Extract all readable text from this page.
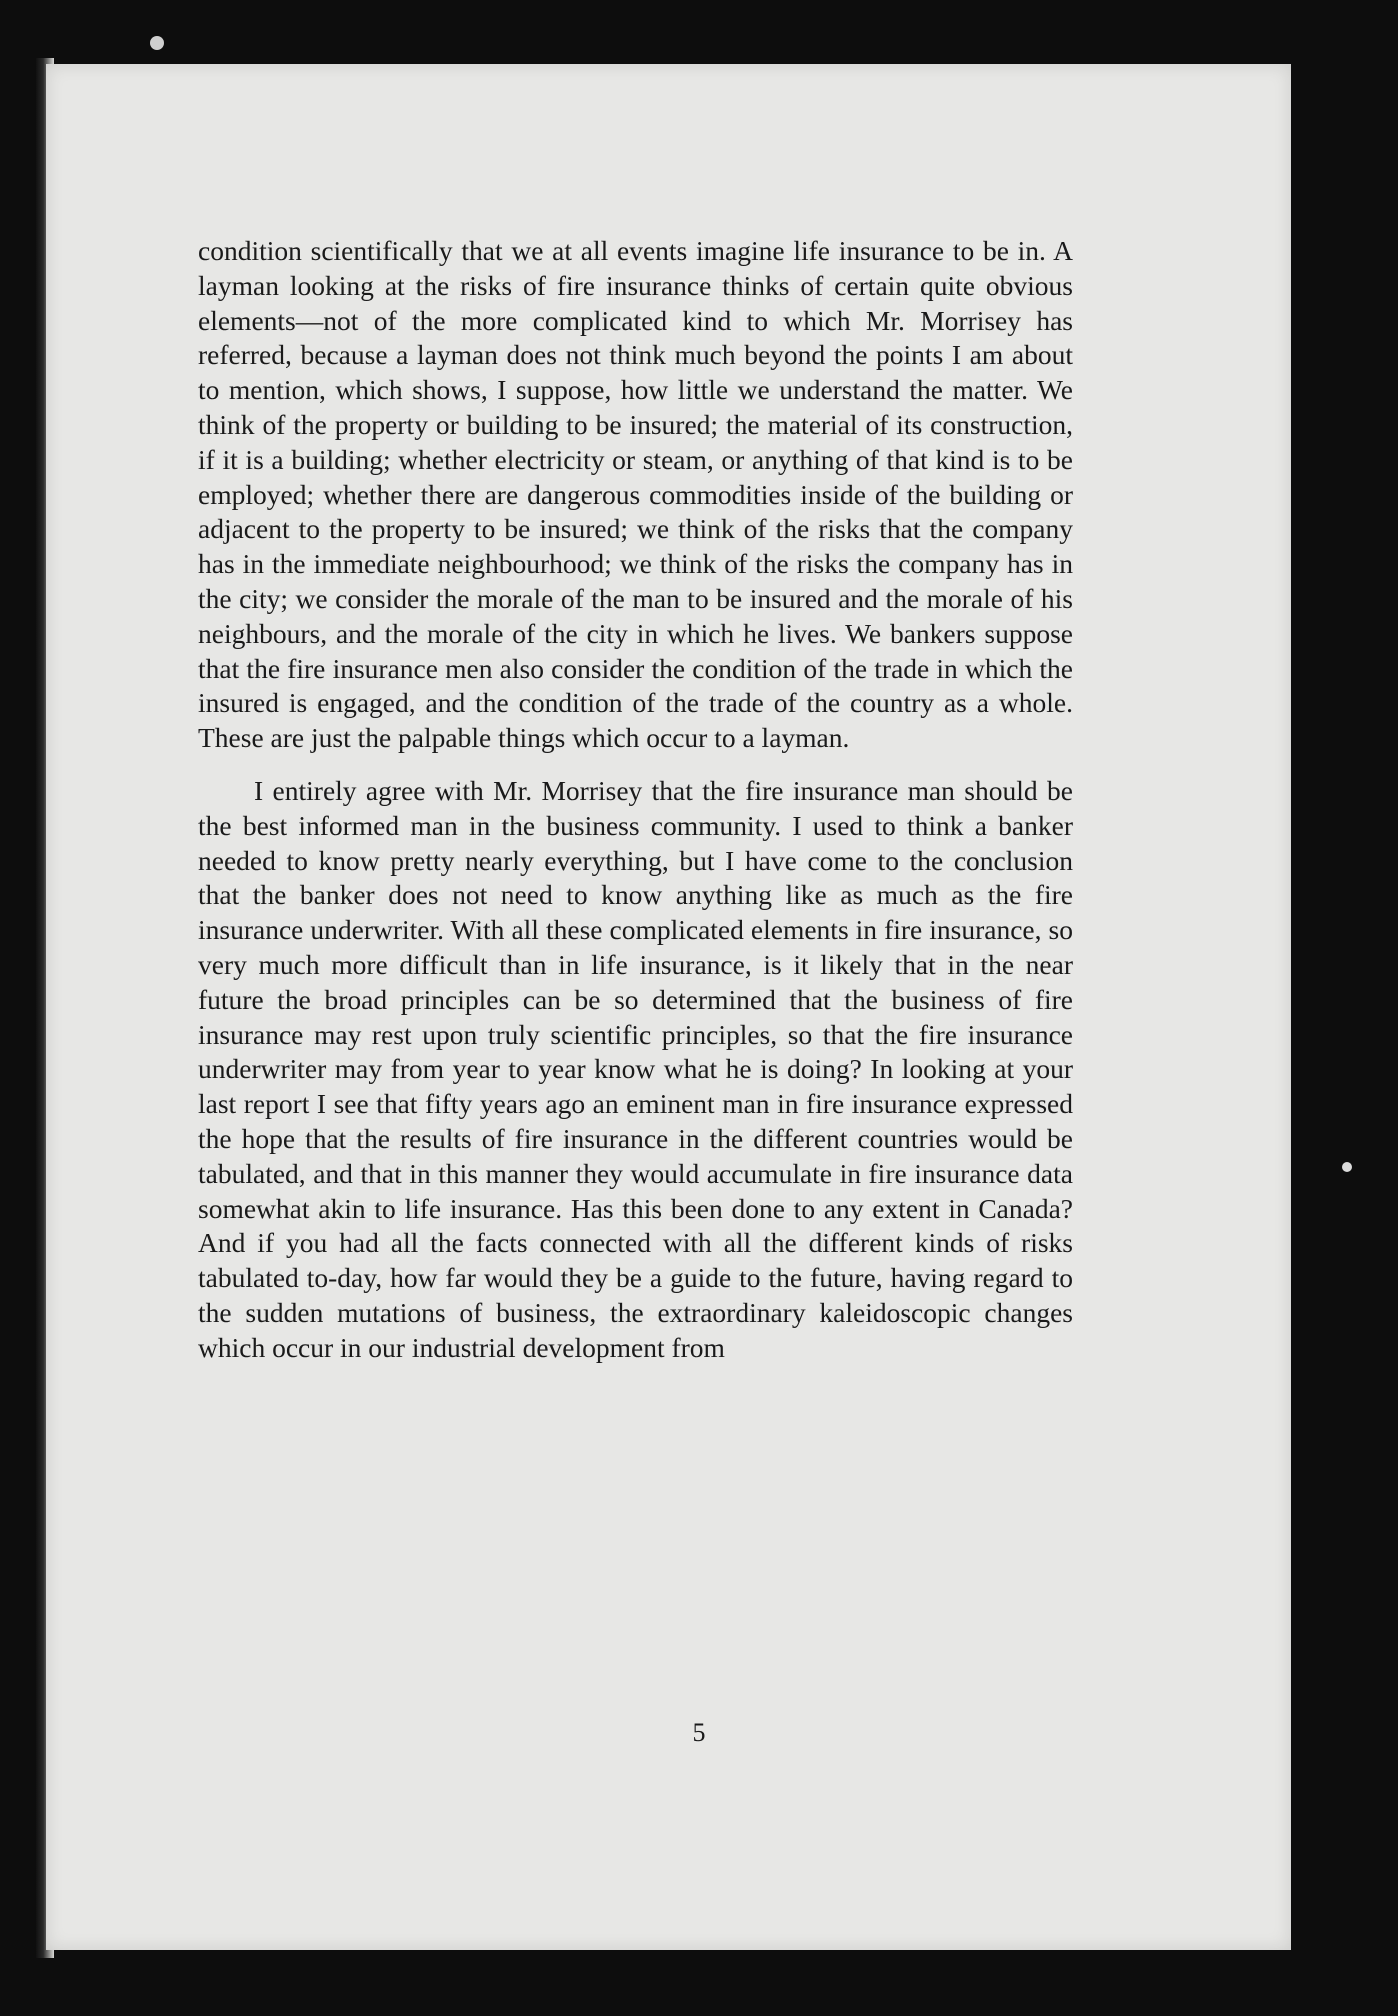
condition scientifically that we at all events imagine life insurance to be in. A layman looking at the risks of fire insurance thinks of certain quite obvious elements—not of the more complicated kind to which Mr. Morrisey has referred, because a layman does not think much beyond the points I am about to mention, which shows, I suppose, how little we understand the matter. We think of the property or building to be insured; the material of its construction, if it is a building; whether electricity or steam, or anything of that kind is to be employed; whether there are dangerous commodities inside of the building or adjacent to the property to be insured; we think of the risks that the company has in the immediate neighbourhood; we think of the risks the company has in the city; we consider the morale of the man to be insured and the morale of his neighbours, and the morale of the city in which he lives. We bankers suppose that the fire insurance men also consider the condition of the trade in which the insured is engaged, and the condition of the trade of the country as a whole. These are just the palpable things which occur to a layman.

I entirely agree with Mr. Morrisey that the fire insurance man should be the best informed man in the business community. I used to think a banker needed to know pretty nearly everything, but I have come to the conclusion that the banker does not need to know anything like as much as the fire insurance underwriter. With all these complicated elements in fire insurance, so very much more difficult than in life insurance, is it likely that in the near future the broad principles can be so determined that the business of fire insurance may rest upon truly scientific principles, so that the fire insurance underwriter may from year to year know what he is doing? In looking at your last report I see that fifty years ago an eminent man in fire insurance expressed the hope that the results of fire insurance in the different countries would be tabulated, and that in this manner they would accumulate in fire insurance data somewhat akin to life insurance. Has this been done to any extent in Canada? And if you had all the facts connected with all the different kinds of risks tabulated to-day, how far would they be a guide to the future, having regard to the sudden mutations of business, the extraordinary kaleidoscopic changes which occur in our industrial development from

5
